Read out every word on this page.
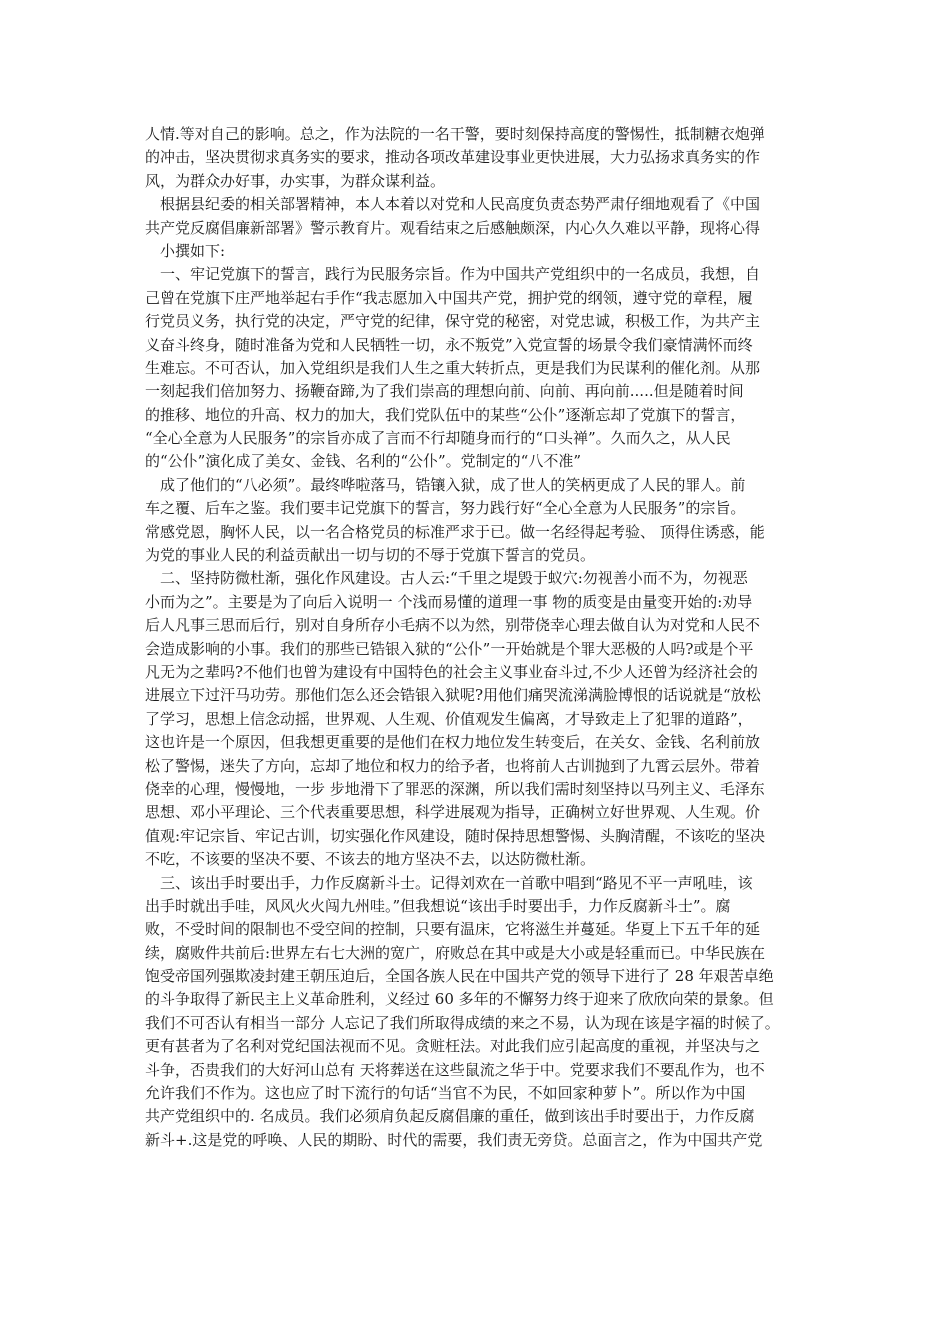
人情.等对自己的影响。总之，作为法院的一名干警，要时刻保持高度的警惕性，抵制糖衣炮弹
的冲击，坚决贯彻求真务实的要求，推动各项改革建设事业更快进展，大力弘扬求真务实的作
风，为群众办好事，办实事，为群众谋利益。
根据县纪委的相关部署精神，本人本着以对党和人民高度负责态势严肃仔细地观看了《中国
共产党反腐倡廉新部署》警示教育片。观看结束之后感触颇深，内心久久难以平静，现将心得
小撰如下:
一、牢记党旗下的誓言，践行为民服务宗旨。作为中国共产党组织中的一名成员，我想，自
己曾在党旗下庄严地举起右手作“我志愿加入中国共产党，拥护党的纲领，遵守党的章程，履
行党员义务，执行党的决定，严守党的纪律，保守党的秘密，对党忠诚，积极工作，为共产主
义奋斗终身，随时准备为党和人民牺牲一切，永不叛党”入党宣誓的场景令我们豪情满怀而终
生难忘。不可否认，加入党组织是我们人生之重大转折点，更是我们为民谋利的催化剂。从那
一刻起我们倍加努力、扬鞭奋蹄,为了我们崇高的理想向前、向前、再向前.....但是随着时间
的推移、地位的升高、权力的加大，我们党队伍中的某些“公仆”逐渐忘却了党旗下的誓言，
“全心全意为人民服务”的宗旨亦成了言而不行却随身而行的“口头禅”。久而久之，从人民
的“公仆”演化成了美女、金钱、名利的“公仆”。党制定的“八不准”
成了他们的“八必须”。最终哗啦落马，锆镶入狱，成了世人的笑柄更成了人民的罪人。前
车之覆、后车之鉴。我们要丰记党旗下的誓言，努力践行好“全心全意为人民服务”的宗旨。
常感党恩，胸怀人民，以一名合格党员的标准严求于已。做一名经得起考验、 顶得住诱惑，能
为党的事业人民的利益贡献出一切与切的不辱于党旗下誓言的党员。
二、坚持防微杜渐，强化作风建设。古人云:“千里之堤毁于蚁穴:勿视善小而不为，勿视恶
小而为之”。主要是为了向后入说明一 个浅而易懂的道理一事 物的质变是由量变开始的:劝导
后人凡事三思而后行，别对自身所存小毛病不以为然，别带侥幸心理去做自认为对党和人民不
会造成影响的小事。我们的那些已锆银入狱的“公仆”一开始就是个罪大恶极的人吗?或是个平
凡无为之辈吗?不他们也曾为建设有中国特色的社会主义事业奋斗过,不少人还曾为经济社会的
进展立下过汗马功劳。那他们怎么还会锆银入狱呢?用他们痛哭流涕满脸博恨的话说就是“放松
了学习，思想上信念动摇，世界观、人生观、价值观发生偏离，才导致走上了犯罪的道路”，
这也许是一个原因，但我想更重要的是他们在权力地位发生转变后，在关女、金钱、名利前放
松了警惕，迷失了方向，忘却了地位和权力的给予者，也将前人古训抛到了九霄云层外。带着
侥幸的心理，慢慢地，一步 步地滑下了罪恶的深渊，所以我们需时刻坚持以马列主义、毛泽东
思想、邓小平理论、三个代表重要思想，科学进展观为指导，正确树立好世界观、人生观。价
值观:牢记宗旨、牢记古训，切实强化作风建设，随时保持思想警惕、头胸清醒，不该吃的坚决
不吃，不该要的坚决不要、不该去的地方坚决不去，以达防微杜渐。
三、该出手时要出手，力作反腐新斗士。记得刘欢在一首歌中唱到“路见不平一声吼哇，该
出手时就出手哇，风风火火闯九州哇。”但我想说“该出手时要出手，力作反腐新斗士”。腐
败，不受时间的限制也不受空间的控制，只要有温床，它将滋生并蔓延。华夏上下五千年的延
续，腐败件共前后:世界左右七大洲的宽广，府败总在其中或是大小或是轻重而已。中华民族在
饱受帝国列强欺凌封建王朝压迫后，全国各族人民在中国共产党的领导下进行了 28 年艰苦卓绝
的斗争取得了新民主上义革命胜利，义经过 60 多年的不懈努力终于迎来了欣欣向荣的景象。但
我们不可否认有相当一部分 人忘记了我们所取得成绩的来之不易，认为现在该是字福的时候了。
更有甚者为了名利对党纪国法视而不见。贪赃枉法。对此我们应引起高度的重视，并坚决与之
斗争，否贵我们的大好河山总有 天将葬送在这些鼠流之华于中。党要求我们不要乱作为，也不
允许我们不作为。这也应了时下流行的句话“当官不为民，不如回家种萝卜”。所以作为中国
共产党组织中的. 名成员。我们必须肩负起反腐倡廉的重任，做到该出手时要出于，力作反腐
新斗+.这是党的呼唤、人民的期盼、时代的需要，我们责无旁贷。总面言之，作为中国共产党
